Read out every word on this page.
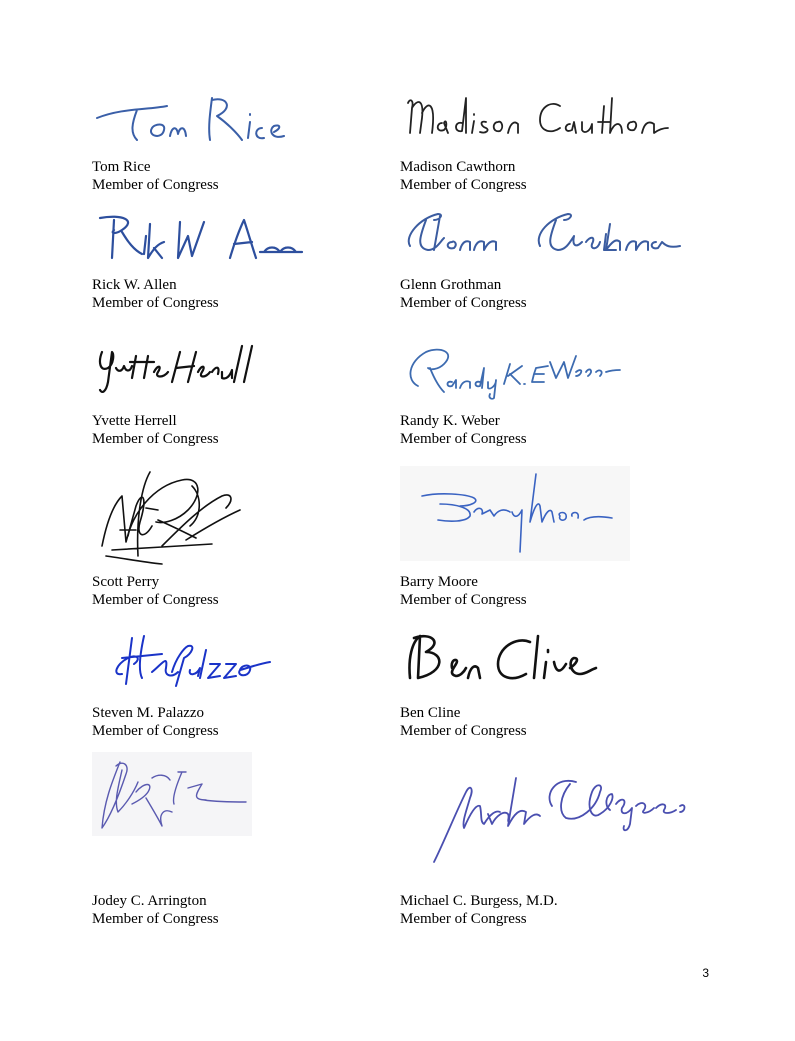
Tom Rice
Member of Congress
Madison Cawthorn
Member of Congress
Rick W. Allen
Member of Congress
Glenn Grothman
Member of Congress
Yvette Herrell
Member of Congress
Randy K. Weber
Member of Congress
Scott Perry
Member of Congress
Barry Moore
Member of Congress
Steven M. Palazzo
Member of Congress
Ben Cline
Member of Congress
Jodey C. Arrington
Member of Congress
Michael C. Burgess, M.D.
Member of Congress
3
